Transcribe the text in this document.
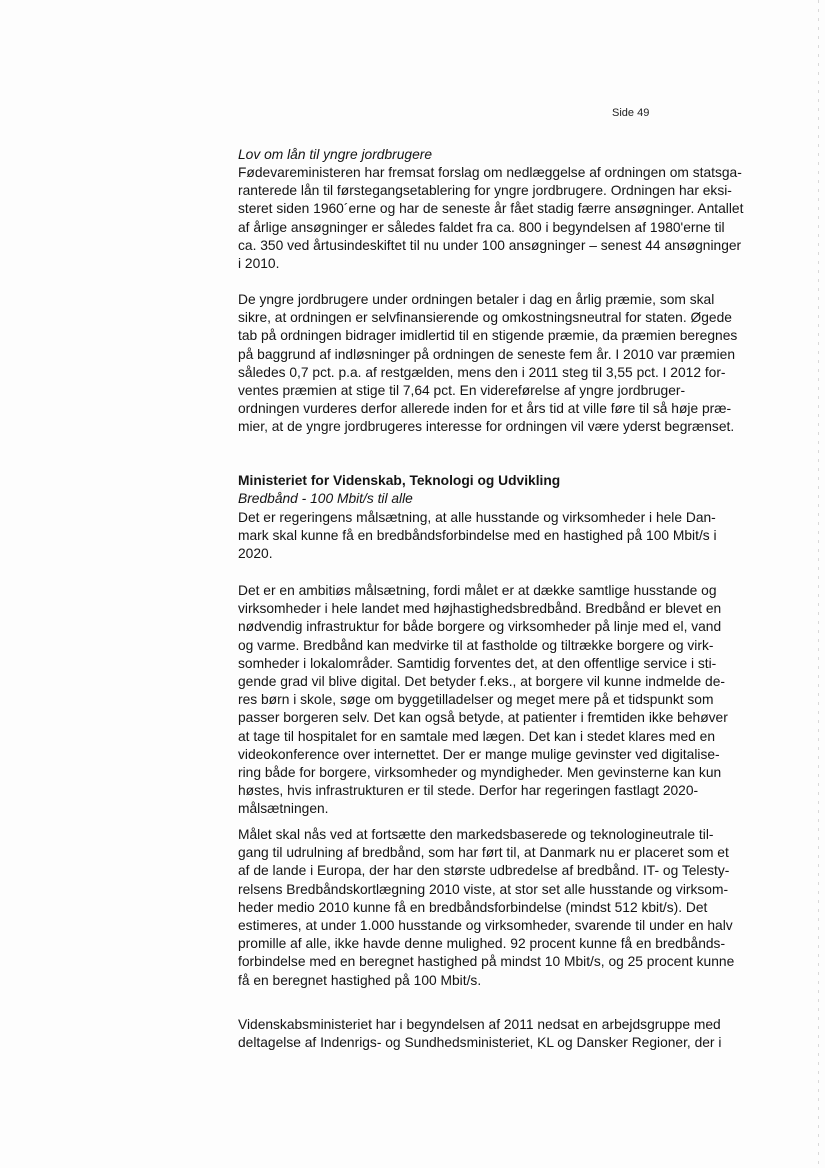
Side 49
Lov om lån til yngre jordbrugere
Fødevareministeren har fremsat forslag om nedlæggelse af ordningen om statsga-
ranterede lån til førstegangsetablering for yngre jordbrugere. Ordningen har eksi-
steret siden 1960´erne og har de seneste år fået stadig færre ansøgninger. Antallet
af årlige ansøgninger er således faldet fra ca. 800 i begyndelsen af 1980'erne til
ca. 350 ved årtusindeskiftet til nu under 100 ansøgninger – senest 44 ansøgninger
i 2010.
De yngre jordbrugere under ordningen betaler i dag en årlig præmie, som skal
sikre, at ordningen er selvfinansierende og omkostningsneutral for staten. Øgede
tab på ordningen bidrager imidlertid til en stigende præmie, da præmien beregnes
på baggrund af indløsninger på ordningen de seneste fem år. I 2010 var præmien
således 0,7 pct. p.a. af restgælden, mens den i 2011 steg til 3,55 pct. I 2012 for-
ventes præmien at stige til 7,64 pct. En videreførelse af yngre jordbruger-
ordningen vurderes derfor allerede inden for et års tid at ville føre til så høje præ-
mier, at de yngre jordbrugeres interesse for ordningen vil være yderst begrænset.
Ministeriet for Videnskab, Teknologi og Udvikling
Bredbånd - 100 Mbit/s til alle
Det er regeringens målsætning, at alle husstande og virksomheder i hele Dan-
mark skal kunne få en bredbåndsforbindelse med en hastighed på 100 Mbit/s i
2020.
Det er en ambitiøs målsætning, fordi målet er at dække samtlige husstande og
virksomheder i hele landet med højhastighedsbredbånd. Bredbånd er blevet en
nødvendig infrastruktur for både borgere og virksomheder på linje med el, vand
og varme. Bredbånd kan medvirke til at fastholde og tiltrække borgere og virk-
somheder i lokalområder. Samtidig forventes det, at den offentlige service i sti-
gende grad vil blive digital. Det betyder f.eks., at borgere vil kunne indmelde de-
res børn i skole, søge om byggetilladelser og meget mere på et tidspunkt som
passer borgeren selv. Det kan også betyde, at patienter i fremtiden ikke behøver
at tage til hospitalet for en samtale med lægen. Det kan i stedet klares med en
videokonference over internettet. Der er mange mulige gevinster ved digitalise-
ring både for borgere, virksomheder og myndigheder. Men gevinsterne kan kun
høstes, hvis infrastrukturen er til stede. Derfor har regeringen fastlagt 2020-
målsætningen.
Målet skal nås ved at fortsætte den markedsbaserede og teknologineutrale til-
gang til udrulning af bredbånd, som har ført til, at Danmark nu er placeret som et
af de lande i Europa, der har den største udbredelse af bredbånd. IT- og Telesty-
relsens Bredbåndskortlægning 2010 viste, at stor set alle husstande og virksom-
heder medio 2010 kunne få en bredbåndsforbindelse (mindst 512 kbit/s). Det
estimeres, at under 1.000 husstande og virksomheder, svarende til under en halv
promille af alle, ikke havde denne mulighed. 92 procent kunne få en bredbånds-
forbindelse med en beregnet hastighed på mindst 10 Mbit/s, og 25 procent kunne
få en beregnet hastighed på 100 Mbit/s.
Videnskabsministeriet har i begyndelsen af 2011 nedsat en arbejdsgruppe med
deltagelse af Indenrigs- og Sundhedsministeriet, KL og Dansker Regioner, der i
